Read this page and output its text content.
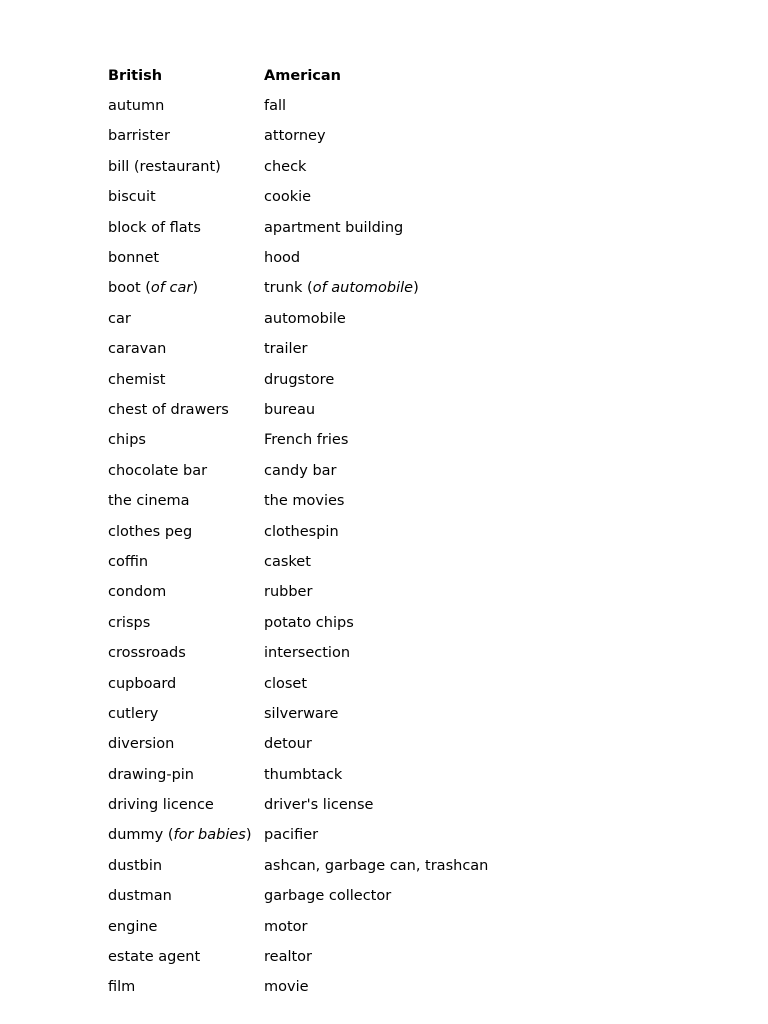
British	American
autumn	fall
barrister	attorney
bill (restaurant)	check
biscuit	cookie
block of flats	apartment building
bonnet	hood
boot (of car)	trunk (of automobile)
car	automobile
caravan	trailer
chemist	drugstore
chest of drawers	bureau
chips	French fries
chocolate bar	candy bar
the cinema	the movies
clothes peg	clothespin
coffin	casket
condom	rubber
crisps	potato chips
crossroads	intersection
cupboard	closet
cutlery	silverware
diversion	detour
drawing-pin	thumbtack
driving licence	driver's license
dummy (for babies)	pacifier
dustbin	ashcan, garbage can, trashcan
dustman	garbage collector
engine	motor
estate agent	realtor
film	movie
